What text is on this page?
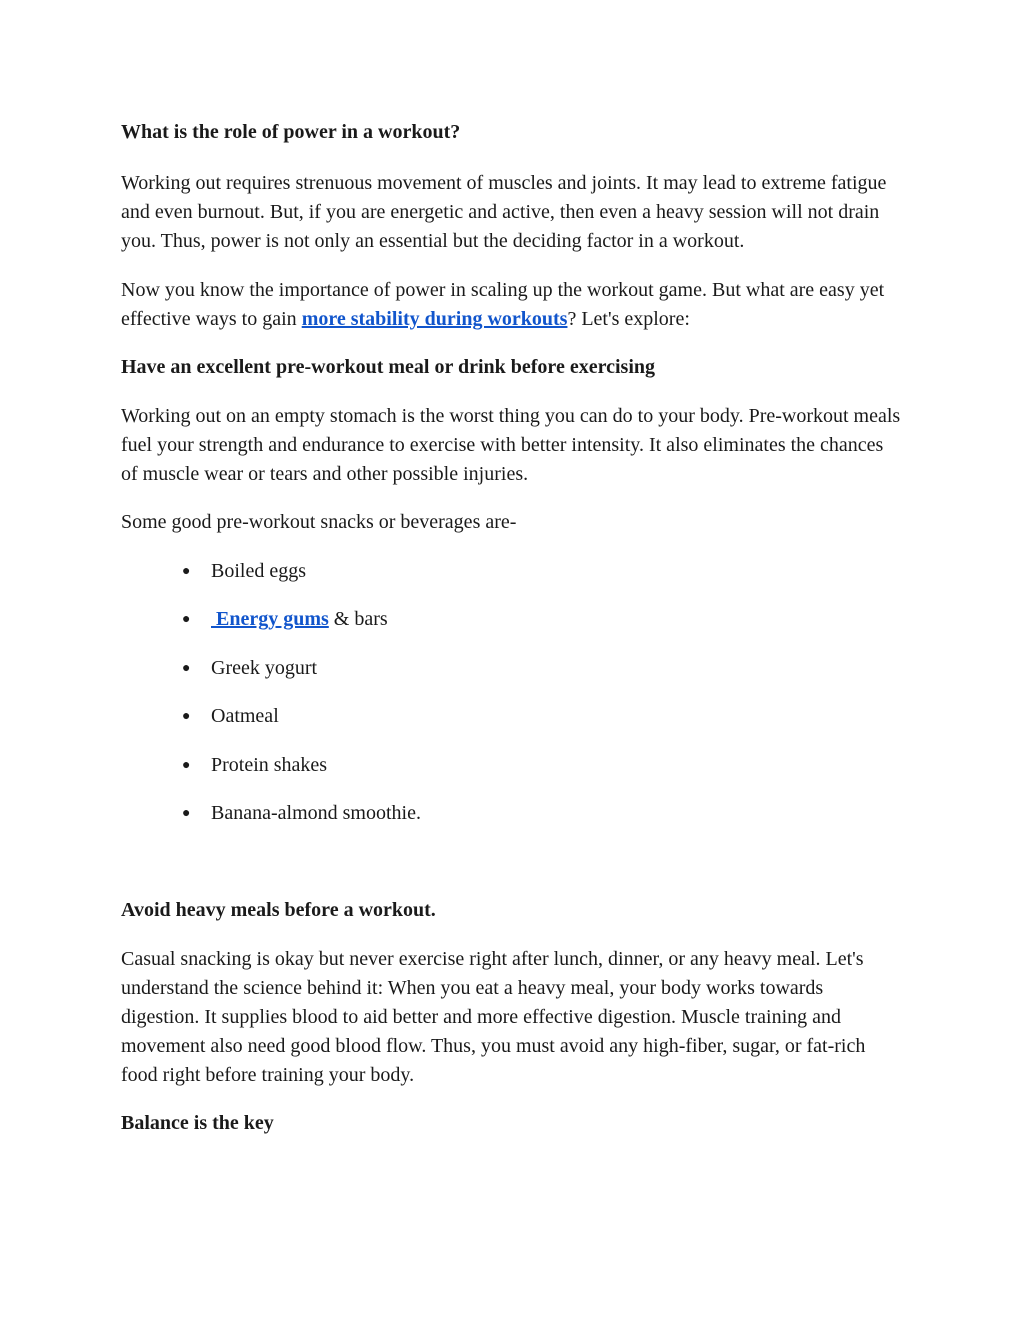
What is the role of power in a workout?

Working out requires strenuous movement of muscles and joints. It may lead to extreme fatigue and even burnout. But, if you are energetic and active, then even a heavy session will not drain you. Thus, power is not only an essential but the deciding factor in a workout.

Now you know the importance of power in scaling up the workout game. But what are easy yet effective ways to gain more stability during workouts? Let's explore:

Have an excellent pre-workout meal or drink before exercising

Working out on an empty stomach is the worst thing you can do to your body. Pre-workout meals fuel your strength and endurance to exercise with better intensity. It also eliminates the chances of muscle wear or tears and other possible injuries.

Some good pre-workout snacks or beverages are-

● Boiled eggs
● Energy gums & bars
● Greek yogurt
● Oatmeal
● Protein shakes
● Banana-almond smoothie.

Avoid heavy meals before a workout.

Casual snacking is okay but never exercise right after lunch, dinner, or any heavy meal. Let's understand the science behind it: When you eat a heavy meal, your body works towards digestion. It supplies blood to aid better and more effective digestion. Muscle training and movement also need good blood flow. Thus, you must avoid any high-fiber, sugar, or fat-rich food right before training your body.

Balance is the key
